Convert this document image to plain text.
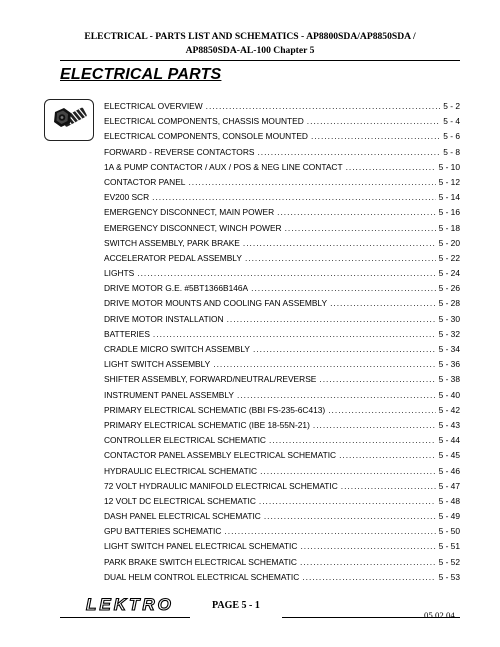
ELECTRICAL - PARTS LIST AND SCHEMATICS - AP8800SDA/AP8850SDA /
AP8850SDA-AL-100 Chapter 5
ELECTRICAL PARTS
ELECTRICAL OVERVIEW .....	5 - 2
ELECTRICAL COMPONENTS, CHASSIS MOUNTED .....	5 - 4
ELECTRICAL COMPONENTS, CONSOLE MOUNTED .....	5 - 6
FORWARD - REVERSE CONTACTORS .....	5 - 8
1A & PUMP CONTACTOR / AUX / POS & NEG LINE CONTACT .....	5 - 10
CONTACTOR PANEL .....	5 - 12
EV200 SCR .....	5 - 14
EMERGENCY DISCONNECT, MAIN POWER .....	5 - 16
EMERGENCY DISCONNECT, WINCH POWER .....	5 - 18
SWITCH ASSEMBLY, PARK BRAKE .....	5 - 20
ACCELERATOR PEDAL ASSEMBLY .....	5 - 22
LIGHTS .....	5 - 24
DRIVE MOTOR G.E. #5BT1366B146A .....	5 - 26
DRIVE MOTOR MOUNTS AND COOLING FAN ASSEMBLY .....	5 - 28
DRIVE MOTOR INSTALLATION .....	5 - 30
BATTERIES .....	5 - 32
CRADLE MICRO SWITCH ASSEMBLY .....	5 - 34
LIGHT SWITCH ASSEMBLY .....	5 - 36
SHIFTER ASSEMBLY, FORWARD/NEUTRAL/REVERSE .....	5 - 38
INSTRUMENT PANEL ASSEMBLY .....	5 - 40
PRIMARY ELECTRICAL SCHEMATIC (BBI FS-235-6C413) .....	5 - 42
PRIMARY ELECTRICAL SCHEMATIC (IBE 18-55N-21) .....	5 - 43
CONTROLLER ELECTRICAL SCHEMATIC .....	5 - 44
CONTACTOR PANEL ASSEMBLY ELECTRICAL SCHEMATIC .....	5 - 45
HYDRAULIC ELECTRICAL SCHEMATIC .....	5 - 46
72 VOLT HYDRAULIC MANIFOLD ELECTRICAL SCHEMATIC .....	5 - 47
12 VOLT DC ELECTRICAL SCHEMATIC .....	5 - 48
DASH PANEL ELECTRICAL SCHEMATIC .....	5 - 49
GPU BATTERIES SCHEMATIC .....	5 - 50
LIGHT SWITCH PANEL ELECTRICAL SCHEMATIC .....	5 - 51
PARK BRAKE SWITCH ELECTRICAL SCHEMATIC .....	5 - 52
DUAL HELM CONTROL ELECTRICAL SCHEMATIC .....	5 - 53
LEKTRO	PAGE 5 - 1
05.02.04
